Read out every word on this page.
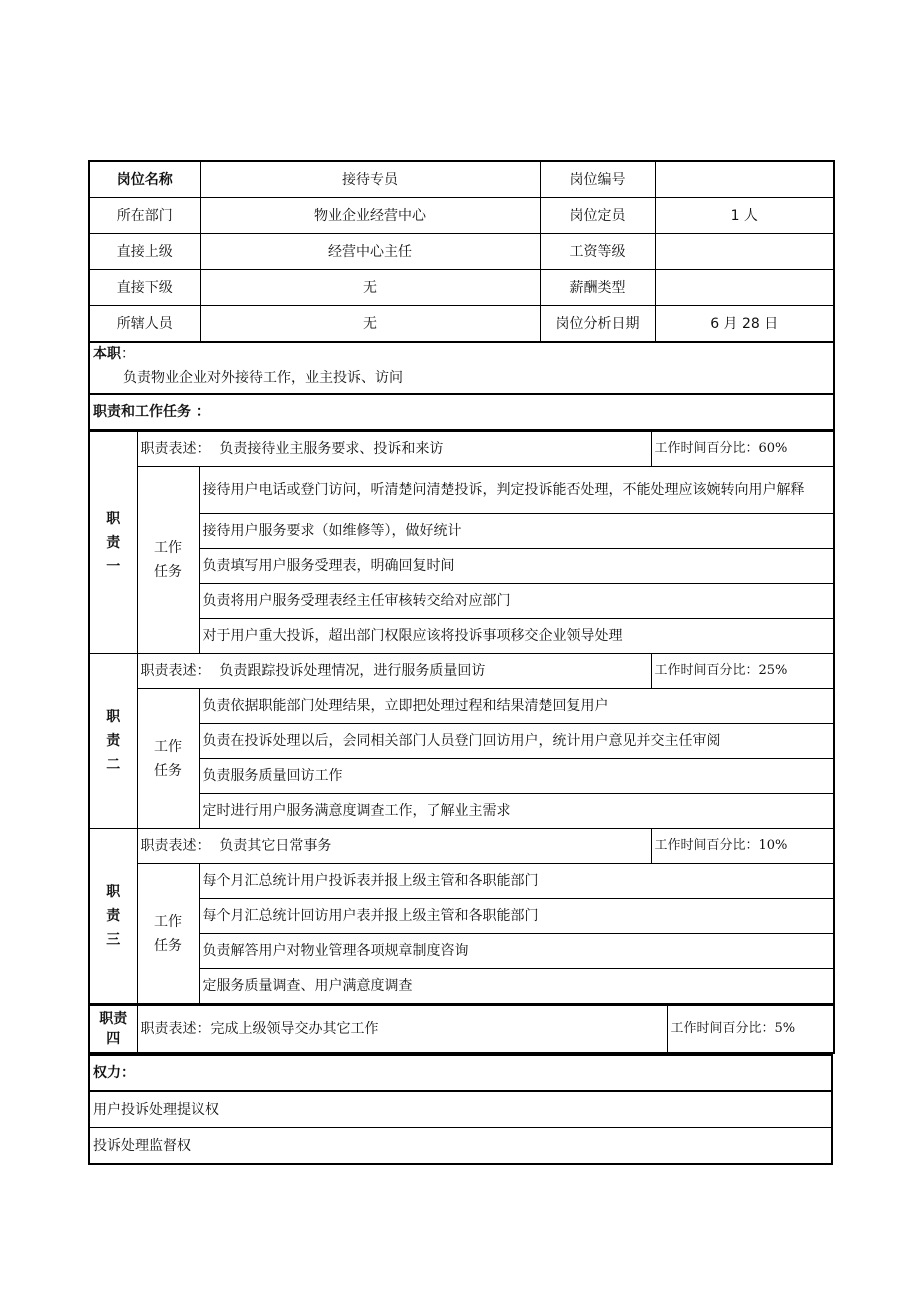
岗位名称	接待专员	岗位编号	
所在部门	物业企业经营中心	岗位定员	1 人
直接上级	经营中心主任	工资等级	
直接下级	无	薪酬类型	
所辖人员	无	岗位分析日期	6 月 28 日

本职：
负责物业企业对外接待工作，业主投诉、访问			

职责和工作任务 ：			
职责一	职责表述： 负责接待业主服务要求、投诉和来访		工作时间百分比：60%
	工作任务	接待用户电话或登门访问，听清楚问清楚投诉，判定投诉能否处理，不能处理应该婉转向用户解释	
		接待用户服务要求（如维修等），做好统计	
		负责填写用户服务受理表，明确回复时间	
		负责将用户服务受理表经主任审核转交给对应部门	
		对于用户重大投诉，超出部门权限应该将投诉事项移交企业领导处理	
职责二	职责表述： 负责跟踪投诉处理情况，进行服务质量回访		工作时间百分比：25%
	工作任务	负责依据职能部门处理结果，立即把处理过程和结果清楚回复用户	
		负责在投诉处理以后，会同相关部门人员登门回访用户，统计用户意见并交主任审阅	
		负责服务质量回访工作	
		定时进行用户服务满意度调查工作，了解业主需求	
职责三	职责表述： 负责其它日常事务		工作时间百分比：10%
	工作任务	每个月汇总统计用户投诉表并报上级主管和各职能部门	
		每个月汇总统计回访用户表并报上级主管和各职能部门	
		负责解答用户对物业管理各项规章制度咨询	
		定服务质量调查、用户满意度调查	
职责四	职责表述：完成上级领导交办其它工作	工作时间百分比：5%
权力：
用户投诉处理提议权
投诉处理监督权
